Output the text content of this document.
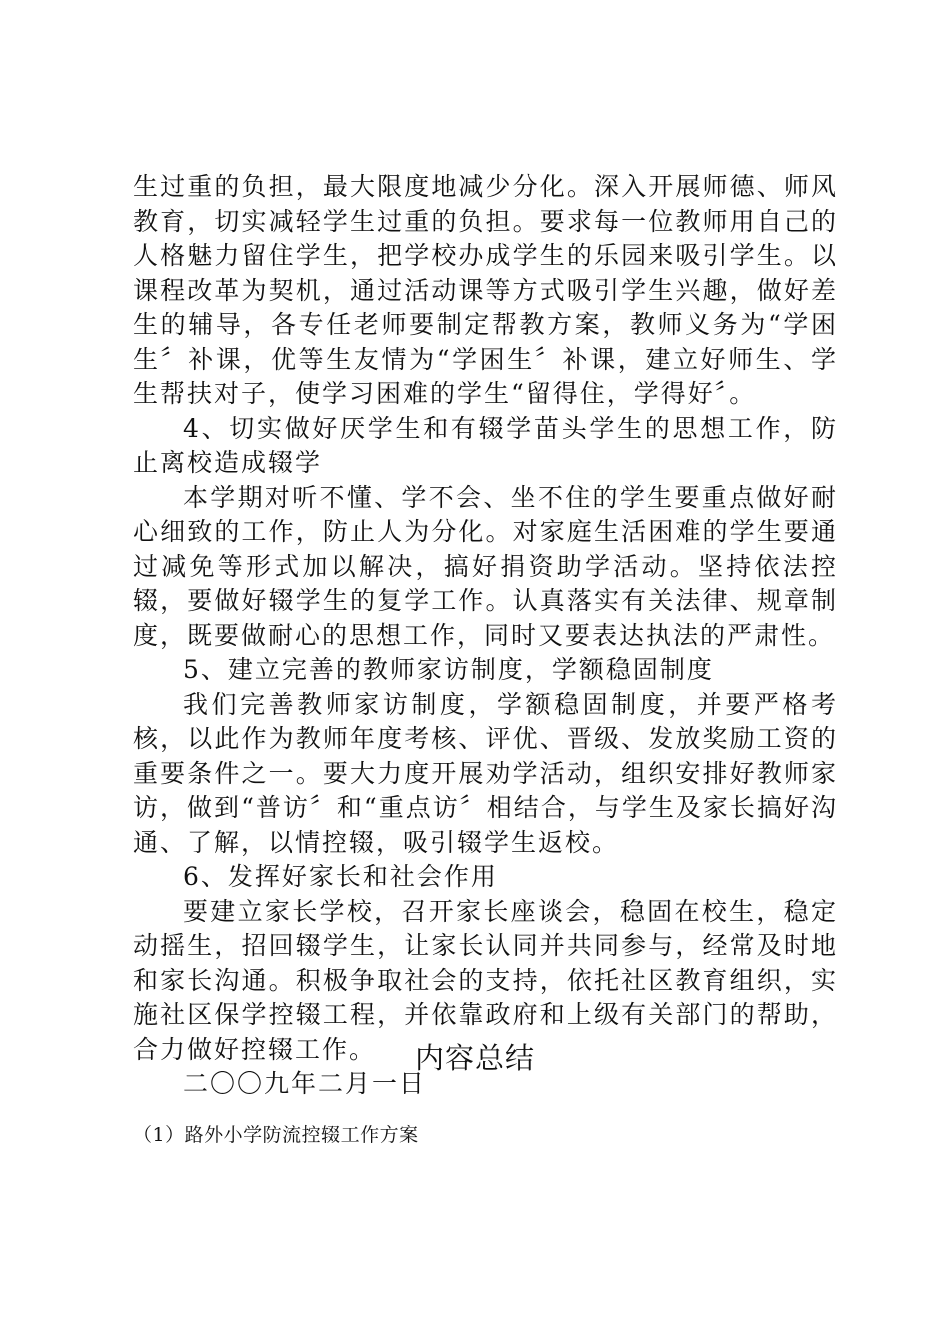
生过重的负担，最大限度地减少分化。深入开展师德、师风教育，切实减轻学生过重的负担。要求每一位教师用自己的人格魅力留住学生，把学校办成学生的乐园来吸引学生。以课程改革为契机，通过活动课等方式吸引学生兴趣，做好差生的辅导，各专任老师要制定帮教方案，教师义务为“学困生〞补课，优等生友情为“学困生〞补课，建立好师生、学生帮扶对子，使学习困难的学生“留得住，学得好〞。

4、切实做好厌学生和有辍学苗头学生的思想工作，防止离校造成辍学

本学期对听不懂、学不会、坐不住的学生要重点做好耐心细致的工作，防止人为分化。对家庭生活困难的学生要通过减免等形式加以解决，搞好捐资助学活动。坚持依法控辍，要做好辍学生的复学工作。认真落实有关法律、规章制度，既要做耐心的思想工作，同时又要表达执法的严肃性。

5、建立完善的教师家访制度，学额稳固制度

我们完善教师家访制度，学额稳固制度，并要严格考核，以此作为教师年度考核、评优、晋级、发放奖励工资的重要条件之一。要大力度开展劝学活动，组织安排好教师家访，做到“普访〞和“重点访〞相结合，与学生及家长搞好沟通、了解，以情控辍，吸引辍学生返校。

6、发挥好家长和社会作用

要建立家长学校，召开家长座谈会，稳固在校生，稳定动摇生，招回辍学生，让家长认同并共同参与，经常及时地和家长沟通。积极争取社会的支持，依托社区教育组织，实施社区保学控辍工程，并依靠政府和上级有关部门的帮助，合力做好控辍工作。

二〇〇九年二月一日

内容总结

（1）路外小学防流控辍工作方案
